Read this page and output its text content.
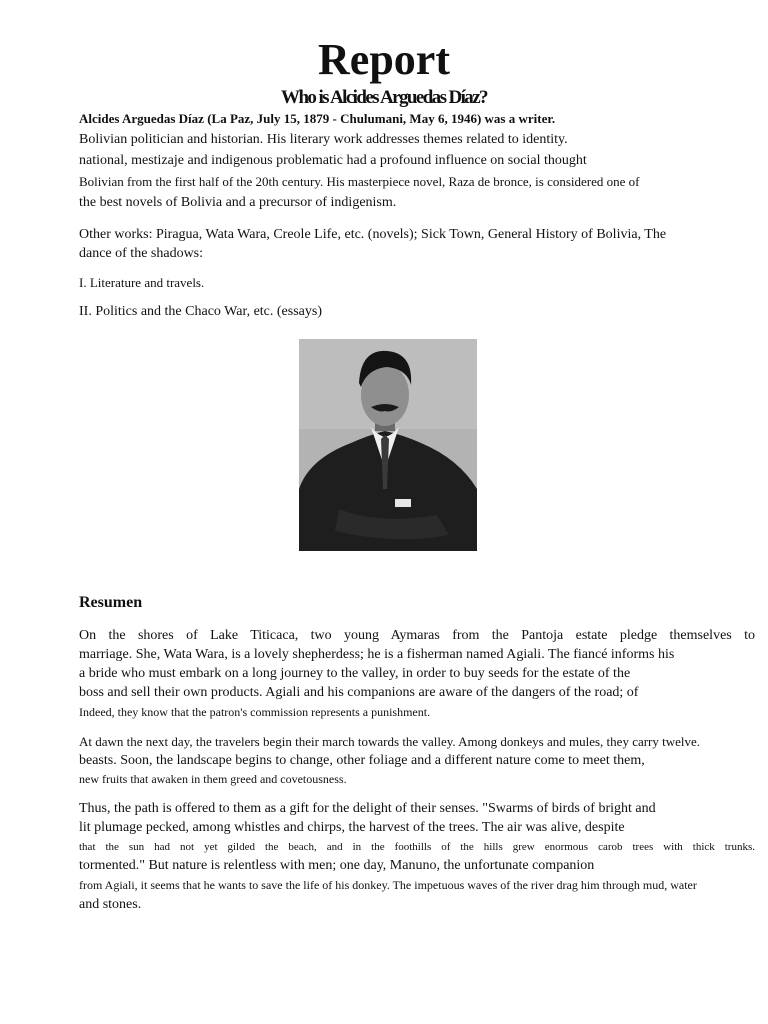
Report
Who is Alcides Arguedas Díaz?
Alcides Arguedas Díaz (La Paz, July 15, 1879 - Chulumani, May 6, 1946) was a writer.
Bolivian politician and historian. His literary work addresses themes related to identity.
national, mestizaje and indigenous problematic had a profound influence on social thought
Bolivian from the first half of the 20th century. His masterpiece novel, Raza de bronce, is considered one of
the best novels of Bolivia and a precursor of indigenism.
Other works: Piragua, Wata Wara, Creole Life, etc. (novels); Sick Town, General History of Bolivia, The
dance of the shadows:
I. Literature and travels.
II. Politics and the Chaco War, etc. (essays)
Resumen
On the shores of Lake Titicaca, two young Aymaras from the Pantoja estate pledge themselves to
marriage. She, Wata Wara, is a lovely shepherdess; he is a fisherman named Agiali. The fiancé informs his
a bride who must embark on a long journey to the valley, in order to buy seeds for the estate of the
boss and sell their own products. Agiali and his companions are aware of the dangers of the road; of
Indeed, they know that the patron's commission represents a punishment.
At dawn the next day, the travelers begin their march towards the valley. Among donkeys and mules, they carry twelve.
beasts. Soon, the landscape begins to change, other foliage and a different nature come to meet them,
new fruits that awaken in them greed and covetousness.
Thus, the path is offered to them as a gift for the delight of their senses. "Swarms of birds of bright and
lit plumage pecked, among whistles and chirps, the harvest of the trees. The air was alive, despite
that the sun had not yet gilded the beach, and in the foothills of the hills grew enormous carob trees with thick trunks.
tormented." But nature is relentless with men; one day, Manuno, the unfortunate companion
from Agiali, it seems that he wants to save the life of his donkey. The impetuous waves of the river drag him through mud, water
and stones.
